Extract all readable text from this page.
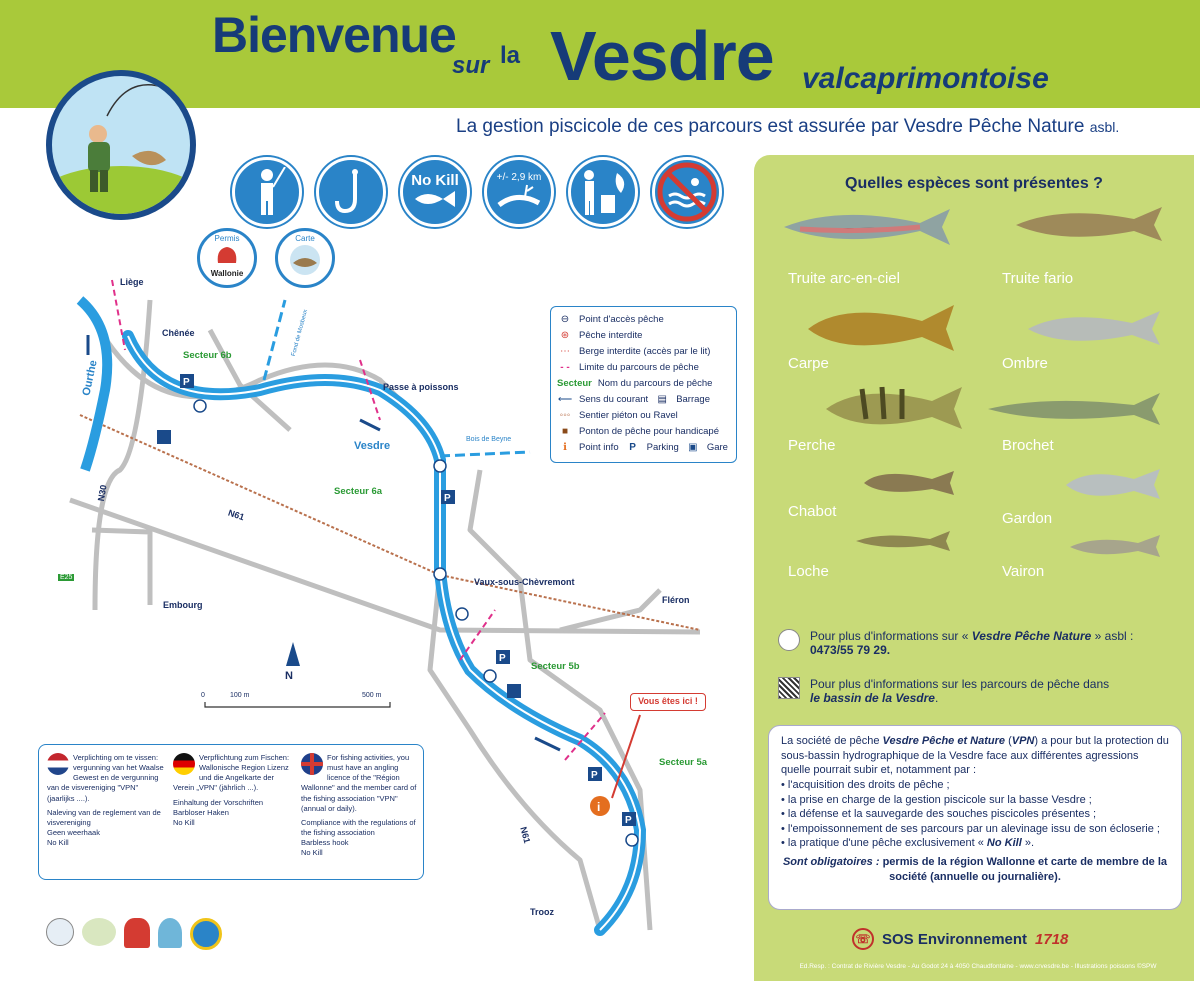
Bienvenue
sur la Vesdre valcaprimontoise
La gestion piscicole de ces parcours est assurée par Vesdre Pêche Nature asbl.
No Kill	+/- 2,9 km
Permis
Wallonie
Carte
P
P
P
P
P
i
Liège
Chênée
Passe à poissons
Bois de Beyne
Vaux-sous-Chèvremont
Fléron
Embourg
Trooz
N61
N30
N61
E25
Fond de Mosbeux
Ourthe
Vesdre
Secteur 6b
Secteur 6a
Secteur 5b
Secteur 5a
Vous êtes ici !
N
0	100 m	500 m
⊖	Point d'accès pêche
⊛	Pêche interdite
⋯ Berge interdite (accès par le lit)
‐ ‐ Limite du parcours de pêche
Secteur Nom du parcours de pêche
⟵ Sens du courant ▤ Barrage
◦◦◦ Sentier piéton ou Ravel
■	Ponton de pêche pour handicapé
ℹ	Point info	P	Parking ▣ Gare
Verplichting om te vissen: vergunning van het Waalse Gewest en de vergunning van de visvereniging "VPN" (jaarlijks ....).
Naleving van de reglement van de visvereniging
Geen weerhaak
No Kill
Verpflichtung zum Fischen: Wallonische Region Lizenz und die Angelkarte der Verein „VPN" (jährlich ...).
Einhaltung der Vorschriften
Barbloser Haken
No Kill
For fishing activities, you must have an angling licence of the "Région Wallonne" and the member card of the fishing association "VPN" (annual or daily).
Compliance with the regulations of the fishing association
Barbless hook
No Kill
Quelles espèces sont présentes ?
Truite arc-en-ciel	Truite fario
Carpe	Ombre
Perche	Brochet
Chabot	Gardon
Loche	Vairon
Pour plus d'informations sur « Vesdre Pêche Nature » asbl :
0473/55 79 29.
Pour plus d'informations sur les parcours de pêche dans
le bassin de la Vesdre.

La société de pêche Vesdre Pêche et Nature (VPN) a pour but la protection du sous-bassin hydrographique de la Vesdre face aux différentes agressions quelle pourrait subir et, notamment par :

• l'acquisition des droits de pêche ;
• la prise en charge de la gestion piscicole sur la basse Vesdre ;
• la défense et la sauvegarde des souches piscicoles présentes ;
• l'empoissonnement de ses parcours par un alevinage issu de son écloserie ;
• la pratique d'une pêche exclusivement « No Kill ».

Sont obligatoires : permis de la région Wallonne et carte de membre de la société (annuelle ou journalière).

☏ SOS Environnement 1718
Ed.Resp. : Contrat de Rivière Vesdre - Au Godot 24 à 4050 Chaudfontaine - www.crvesdre.be - Illustrations poissons ©SPW
